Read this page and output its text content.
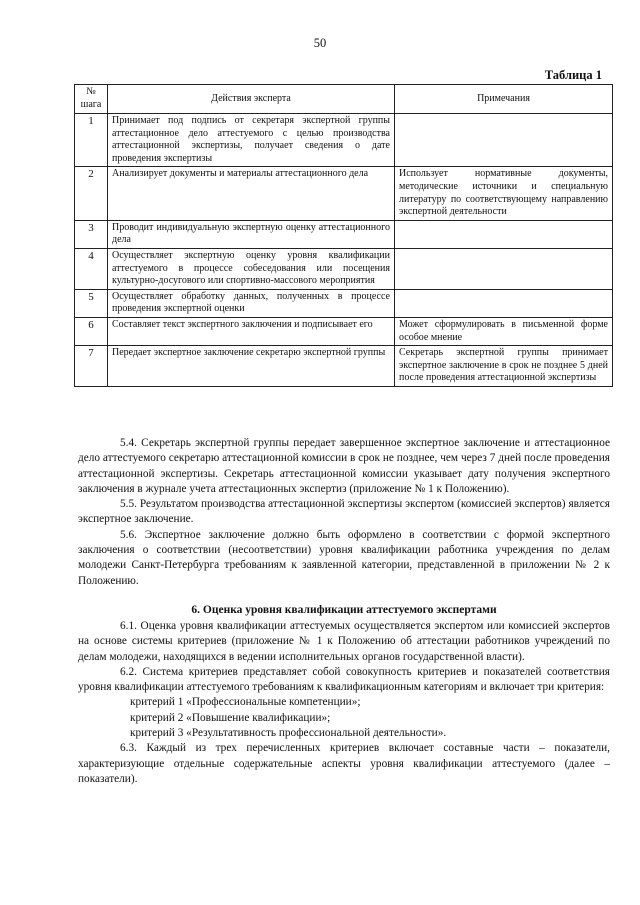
50
Таблица 1
№ шага	Действия эксперта	Примечания
1	Принимает под подпись от секретаря экспертной группы аттестационное дело аттестуемого с целью производства аттестационной экспертизы, получает сведения о дате проведения экспертизы	
2	Анализирует документы и материалы аттестационного дела	Использует нормативные документы, методические источники и специальную литературу по соответствующему направлению экспертной деятельности
3	Проводит индивидуальную экспертную оценку аттестационного дела	
4	Осуществляет экспертную оценку уровня квалификации аттестуемого в процессе собеседования или посещения культурно-досугового или спортивно-массового мероприятия	
5	Осуществляет обработку данных, полученных в процессе проведения экспертной оценки	
6	Составляет текст экспертного заключения и подписывает его	Может сформулировать в письменной форме особое мнение
7	Передает экспертное заключение секретарю экспертной группы	Секретарь экспертной группы принимает экспертное заключение в срок не позднее 5 дней после проведения аттестационной экспертизы

5.4. Секретарь экспертной группы передает завершенное экспертное заключение и аттестационное дело аттестуемого секретарю аттестационной комиссии в срок не позднее, чем через 7 дней после проведения аттестационной экспертизы. Секретарь аттестационной комиссии указывает дату получения экспертного заключения в журнале учета аттестационных экспертиз (приложение № 1 к Положению).

5.5. Результатом производства аттестационной экспертизы экспертом (комиссией экспертов) является экспертное заключение.

5.6. Экспертное заключение должно быть оформлено в соответствии с формой экспертного заключения о соответствии (несоответствии) уровня квалификации работника учреждения по делам молодежи Санкт-Петербурга требованиям к заявленной категории, представленной в приложении № 2 к Положению.

6. Оценка уровня квалификации аттестуемого экспертами

6.1. Оценка уровня квалификации аттестуемых осуществляется экспертом или комиссией экспертов на основе системы критериев (приложение № 1 к Положению об аттестации работников учреждений по делам молодежи, находящихся в ведении исполнительных органов государственной власти).

6.2. Система критериев представляет собой совокупность критериев и показателей соответствия уровня квалификации аттестуемого требованиям к квалификационным категориям и включает три критерия:

критерий 1 «Профессиональные компетенции»;

критерий 2 «Повышение квалификации»;

критерий 3 «Результативность профессиональной деятельности».

6.3. Каждый из трех перечисленных критериев включает составные части – показатели, характеризующие отдельные содержательные аспекты уровня квалификации аттестуемого (далее – показатели).
